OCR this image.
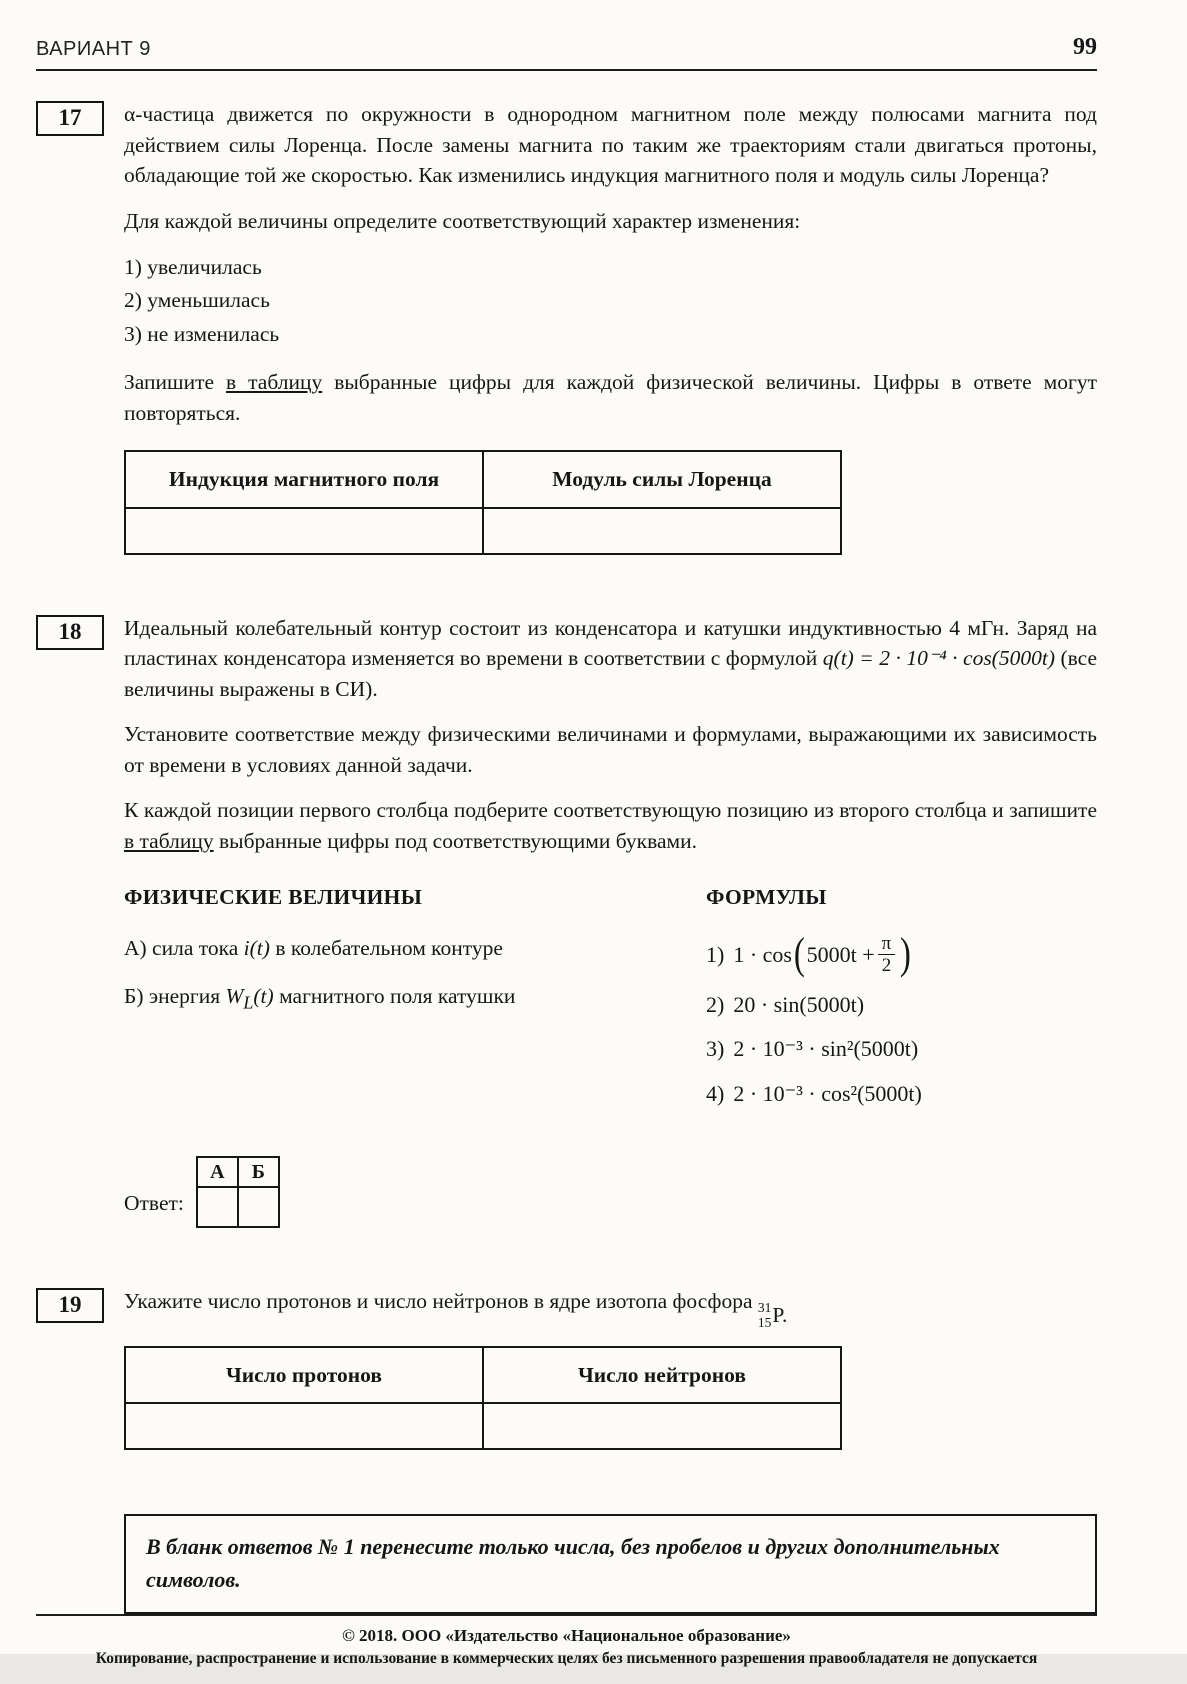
ВАРИАНТ 9	99
17	α-частица движется по окружности в однородном магнитном поле между полюсами магнита под действием силы Лоренца. После замены магнита по таким же траекториям стали двигаться протоны, обладающие той же скоростью. Как изменились индукция магнитного поля и модуль силы Лоренца?

Для каждой величины определите соответствующий характер изменения:

1) увеличилась
2) уменьшилась
3) не изменилась

Запишите в таблицу выбранные цифры для каждой физической величины. Цифры в ответе могут повторяться.

Индукция магнитного поля	Модуль силы Лоренца

18	Идеальный колебательный контур состоит из конденсатора и катушки индуктивностью 4 мГн. Заряд на пластинах конденсатора изменяется во времени в соответствии с формулой q(t) = 2 · 10⁻⁴ · cos(5000t) (все величины выражены в СИ).

Установите соответствие между физическими величинами и формулами, выражающими их зависимость от времени в условиях данной задачи.

К каждой позиции первого столбца подберите соответствующую позицию из второго столбца и запишите в таблицу выбранные цифры под соответствующими буквами.

ФИЗИЧЕСКИЕ ВЕЛИЧИНЫ
А) сила тока i(t) в колебательном контуре
Б) энергия $W_L(t)$ магнитного поля катушки
ФОРМУЛЫ
1) 1 · cos ( $5000t + \frac{\pi}{2}$ )
2) 20 · sin(5000t)
3) 2 · 10⁻³ · sin²(5000t)
4) 2 · 10⁻³ · cos²(5000t)
Ответ:
А	Б

19	Укажите число протонов и число нейтронов в ядре изотопа фосфора 31
15 P.

Число протонов	Число нейтронов

В бланк ответов № 1 перенесите только числа, без пробелов и других дополнительных символов.
© 2018. ООО «Издательство «Национальное образование»
Копирование, распространение и использование в коммерческих целях без письменного разрешения правообладателя не допускается
